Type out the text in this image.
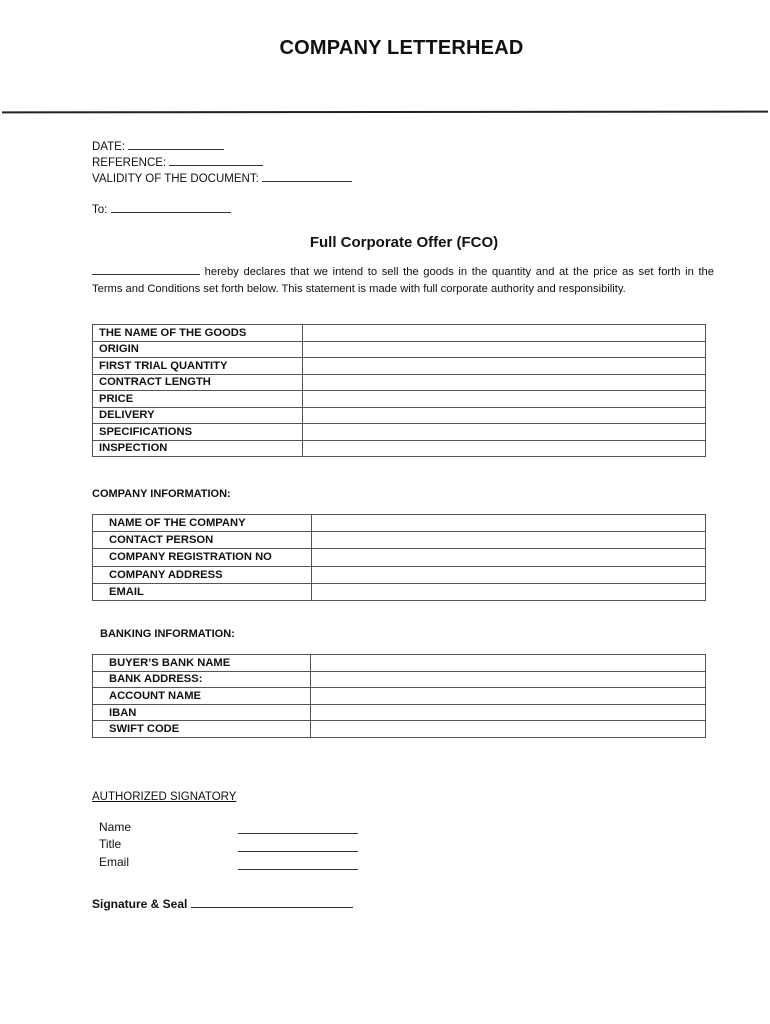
COMPANY LETTERHEAD
DATE:
REFERENCE:
VALIDITY OF THE DOCUMENT:
To:
Full Corporate Offer (FCO)
hereby declares that we intend to sell the goods in the quantity and at the price as set forth in the Terms and Conditions set forth below. This statement is made with full corporate authority and responsibility.
THE NAME OF THE GOODS	
ORIGIN	
FIRST TRIAL QUANTITY	
CONTRACT LENGTH	
PRICE	
DELIVERY	
SPECIFICATIONS	
INSPECTION	
COMPANY INFORMATION:
NAME OF THE COMPANY	
CONTACT PERSON	
COMPANY REGISTRATION NO	
COMPANY ADDRESS	
EMAIL	
BANKING INFORMATION:
BUYER’S BANK NAME	
BANK ADDRESS:	
ACCOUNT NAME	
IBAN	
SWIFT CODE	
AUTHORIZED SIGNATORY
Name
Title
Email
Signature & Seal
